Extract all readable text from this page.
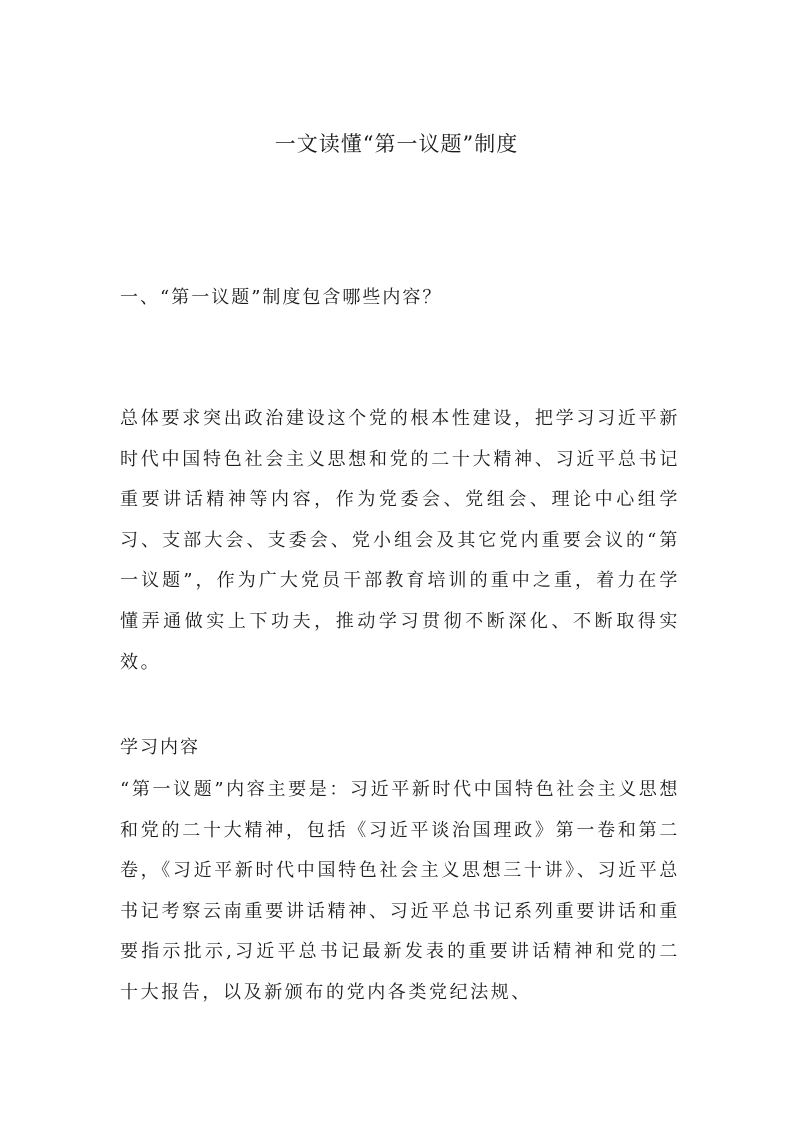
一文读懂“第一议题”制度
一、“第一议题”制度包含哪些内容？

总体要求突出政治建设这个党的根本性建设，把学习习近平新时代中国特色社会主义思想和党的二十大精神、习近平总书记重要讲话精神等内容，作为党委会、党组会、理论中心组学习、支部大会、支委会、党小组会及其它党内重要会议的“第一议题”，作为广大党员干部教育培训的重中之重，着力在学懂弄通做实上下功夫，推动学习贯彻不断深化、不断取得实效。

学习内容

“第一议题”内容主要是：习近平新时代中国特色社会主义思想和党的二十大精神，包括《习近平谈治国理政》第一卷和第二卷，《习近平新时代中国特色社会主义思想三十讲》、习近平总书记考察云南重要讲话精神、习近平总书记系列重要讲话和重要指示批示,习近平总书记最新发表的重要讲话精神和党的二十大报告，以及新颁布的党内各类党纪法规、
